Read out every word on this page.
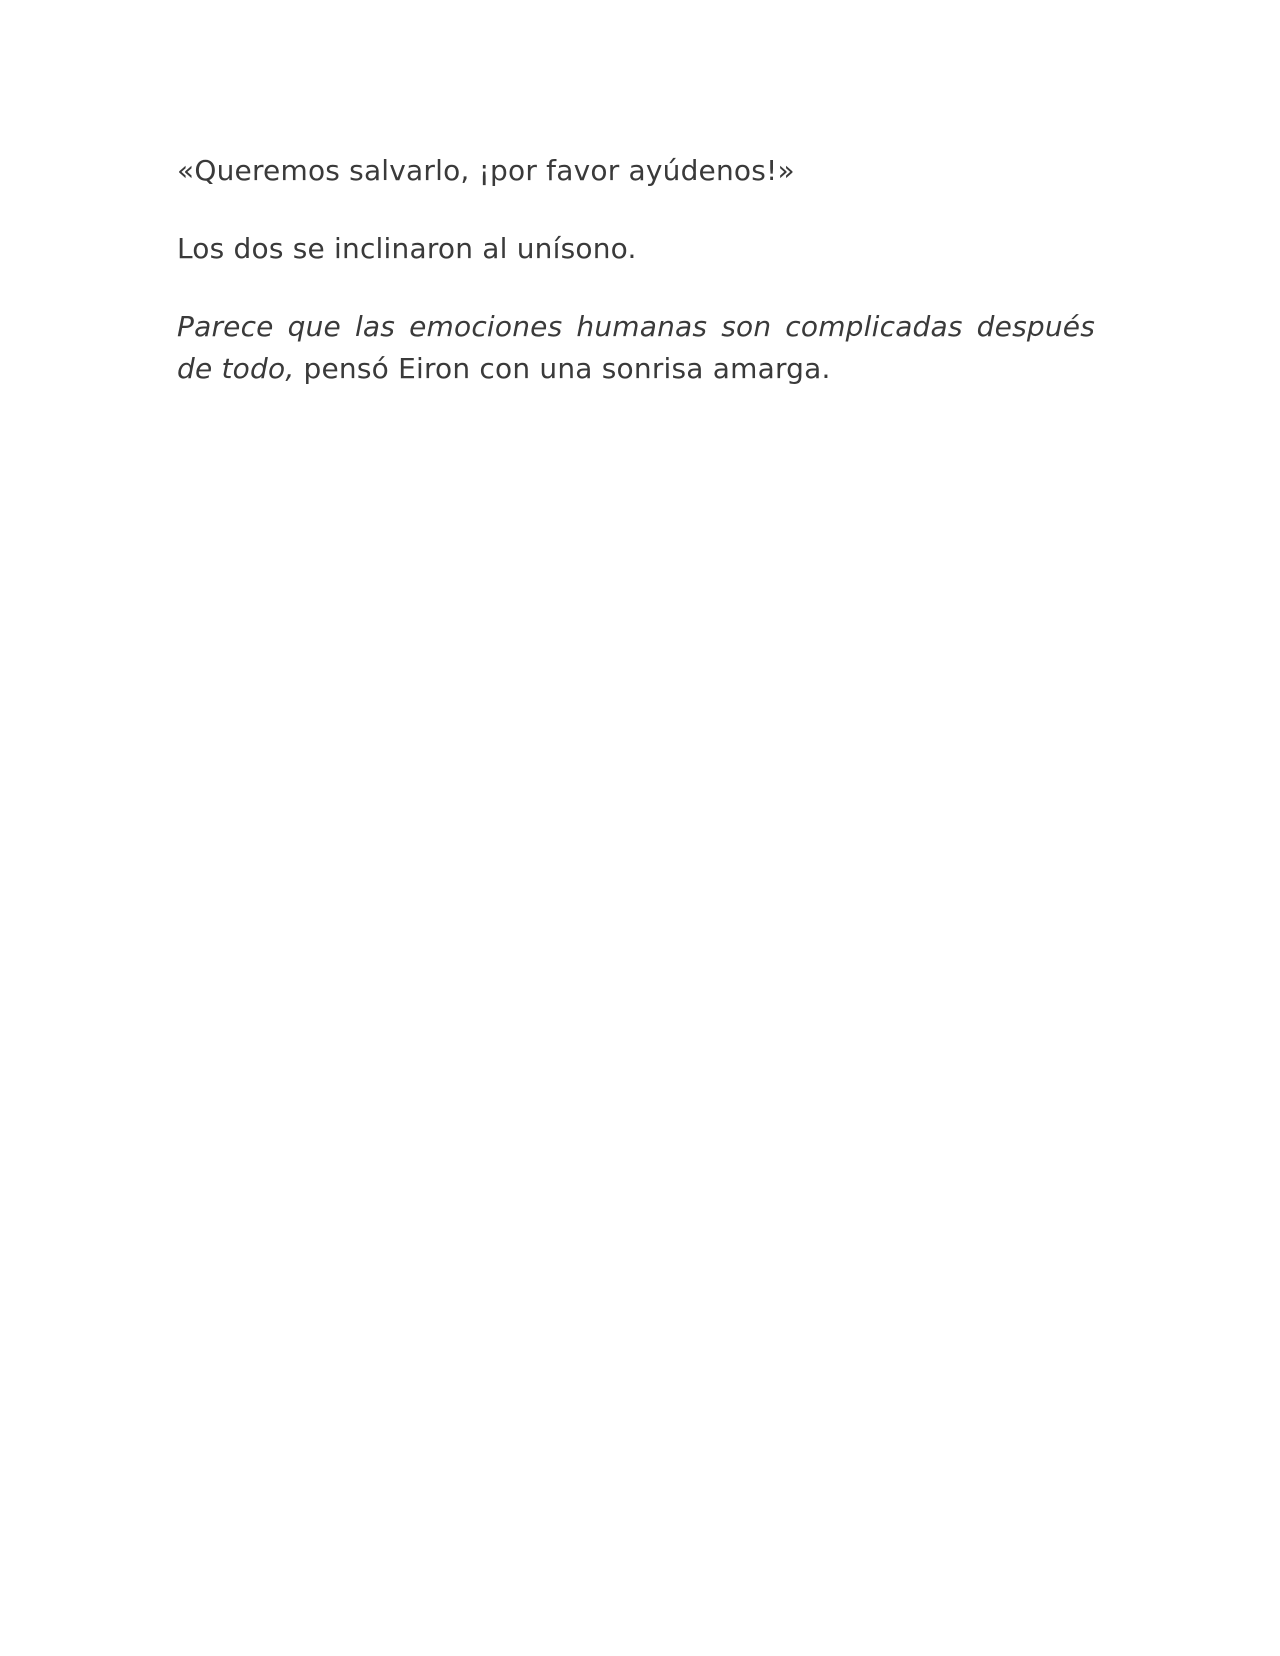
«Queremos salvarlo, ¡por favor ayúdenos!»

Los dos se inclinaron al unísono.

Parece que las emociones humanas son complicadas después de todo, pensó Eiron con una sonrisa amarga.
